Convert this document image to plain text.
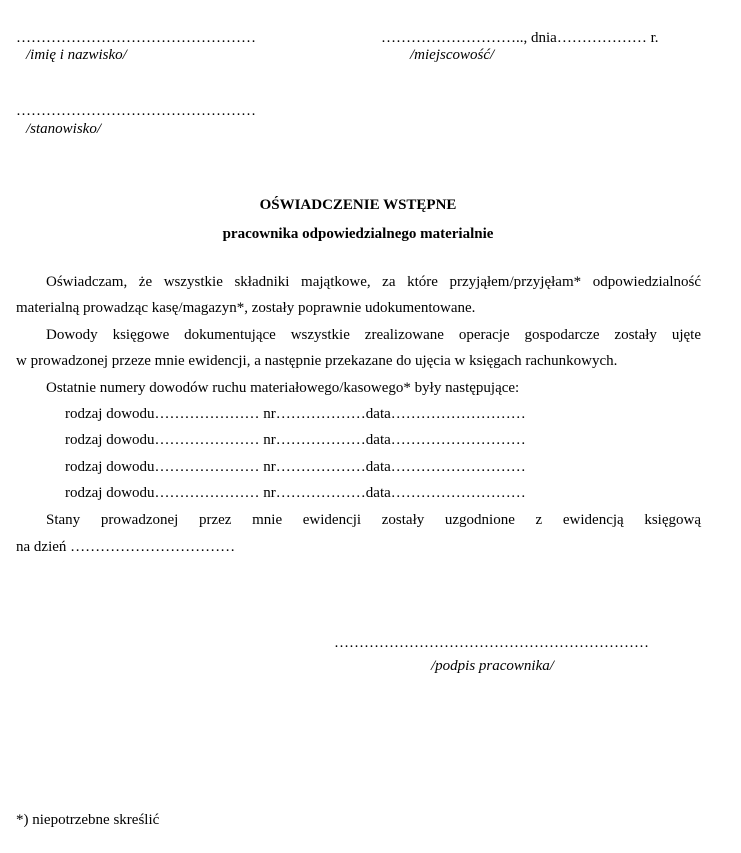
…………………………………………
/imię i nazwisko/
……………………….., dnia……………… r.
/miejscowość/
…………………………………………
/stanowisko/
OŚWIADCZENIE WSTĘPNE
pracownika odpowiedzialnego materialnie
Oświadczam, że wszystkie składniki majątkowe, za które przyjąłem/przyjęłam* odpowiedzialność
materialną prowadząc kasę/magazyn*, zostały poprawnie udokumentowane.
Dowody księgowe dokumentujące wszystkie zrealizowane operacje gospodarcze zostały ujęte
w prowadzonej przeze mnie ewidencji, a następnie przekazane do ujęcia w księgach rachunkowych.
Ostatnie numery dowodów ruchu materiałowego/kasowego* były następujące:
rodzaj dowodu………………… nr………………data………………………
rodzaj dowodu………………… nr………………data………………………
rodzaj dowodu………………… nr………………data………………………
rodzaj dowodu………………… nr………………data………………………
Stany prowadzonej przez mnie ewidencji zostały uzgodnione z ewidencją księgową
na dzień ……………………………
………………………………………………………
/podpis pracownika/
*) niepotrzebne skreślić
